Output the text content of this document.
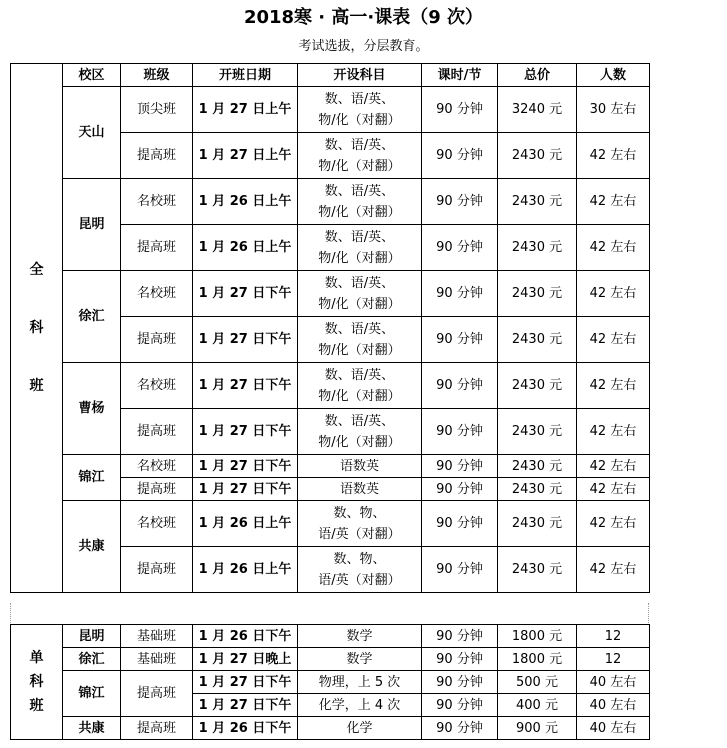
2018寒 · 高一·课表（9 次）
考试选拔，分层教育。
全
科
班	校区	班级	开班日期	开设科目	课时/节	总价	人数
	天山	顶尖班	1 月 27 日上午	数、语/英、
物/化（对翻）	90 分钟	3240 元	30 左右
		提高班	1 月 27 日上午	数、语/英、
物/化（对翻）	90 分钟	2430 元	42 左右
	昆明	名校班	1 月 26 日上午	数、语/英、
物/化（对翻）	90 分钟	2430 元	42 左右
		提高班	1 月 26 日上午	数、语/英、
物/化（对翻）	90 分钟	2430 元	42 左右
	徐汇	名校班	1 月 27 日下午	数、语/英、
物/化（对翻）	90 分钟	2430 元	42 左右
		提高班	1 月 27 日下午	数、语/英、
物/化（对翻）	90 分钟	2430 元	42 左右
	曹杨	名校班	1 月 27 日下午	数、语/英、
物/化（对翻）	90 分钟	2430 元	42 左右
		提高班	1 月 27 日下午	数、语/英、
物/化（对翻）	90 分钟	2430 元	42 左右
	锦江	名校班	1 月 27 日下午	语数英	90 分钟	2430 元	42 左右
		提高班	1 月 27 日下午	语数英	90 分钟	2430 元	42 左右
	共康	名校班	1 月 26 日上午	数、物、
语/英（对翻）	90 分钟	2430 元	42 左右
		提高班	1 月 26 日上午	数、物、
语/英（对翻）	90 分钟	2430 元	42 左右
单
科
班	昆明	基础班	1 月 26 日下午	数学	90 分钟	1800 元	12
	徐汇	基础班	1 月 27 日晚上	数学	90 分钟	1800 元	12
	锦江	提高班	1 月 27 日下午	物理，上 5 次	90 分钟	500 元	40 左右
			1 月 27 日下午	化学，上 4 次	90 分钟	400 元	40 左右
	共康	提高班	1 月 26 日下午	化学	90 分钟	900 元	40 左右
